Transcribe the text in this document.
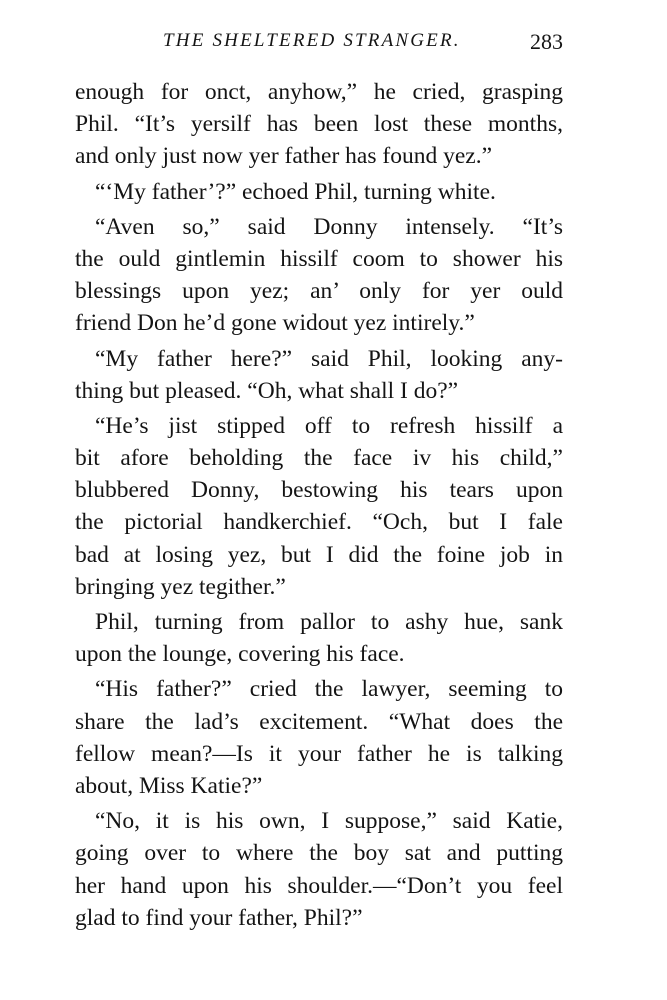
THE SHELTERED STRANGER.	283
enough for onct, anyhow,” he cried, grasping
Phil. “It’s yersilf has been lost these months,
and only just now yer father has found yez.”
“‘My father’?” echoed Phil, turning white.
“Aven so,” said Donny intensely. “It’s
the ould gintlemin hissilf coom to shower his
blessings upon yez; an’ only for yer ould
friend Don he’d gone widout yez intirely.”
“My father here?” said Phil, looking any-
thing but pleased. “Oh, what shall I do?”
“He’s jist stipped off to refresh hissilf a
bit afore beholding the face iv his child,”
blubbered Donny, bestowing his tears upon
the pictorial handkerchief. “Och, but I fale
bad at losing yez, but I did the foine job in
bringing yez tegither.”
Phil, turning from pallor to ashy hue, sank
upon the lounge, covering his face.
“His father?” cried the lawyer, seeming to
share the lad’s excitement. “What does the
fellow mean?—Is it your father he is talking
about, Miss Katie?”
“No, it is his own, I suppose,” said Katie,
going over to where the boy sat and putting
her hand upon his shoulder.—“Don’t you feel
glad to find your father, Phil?”
